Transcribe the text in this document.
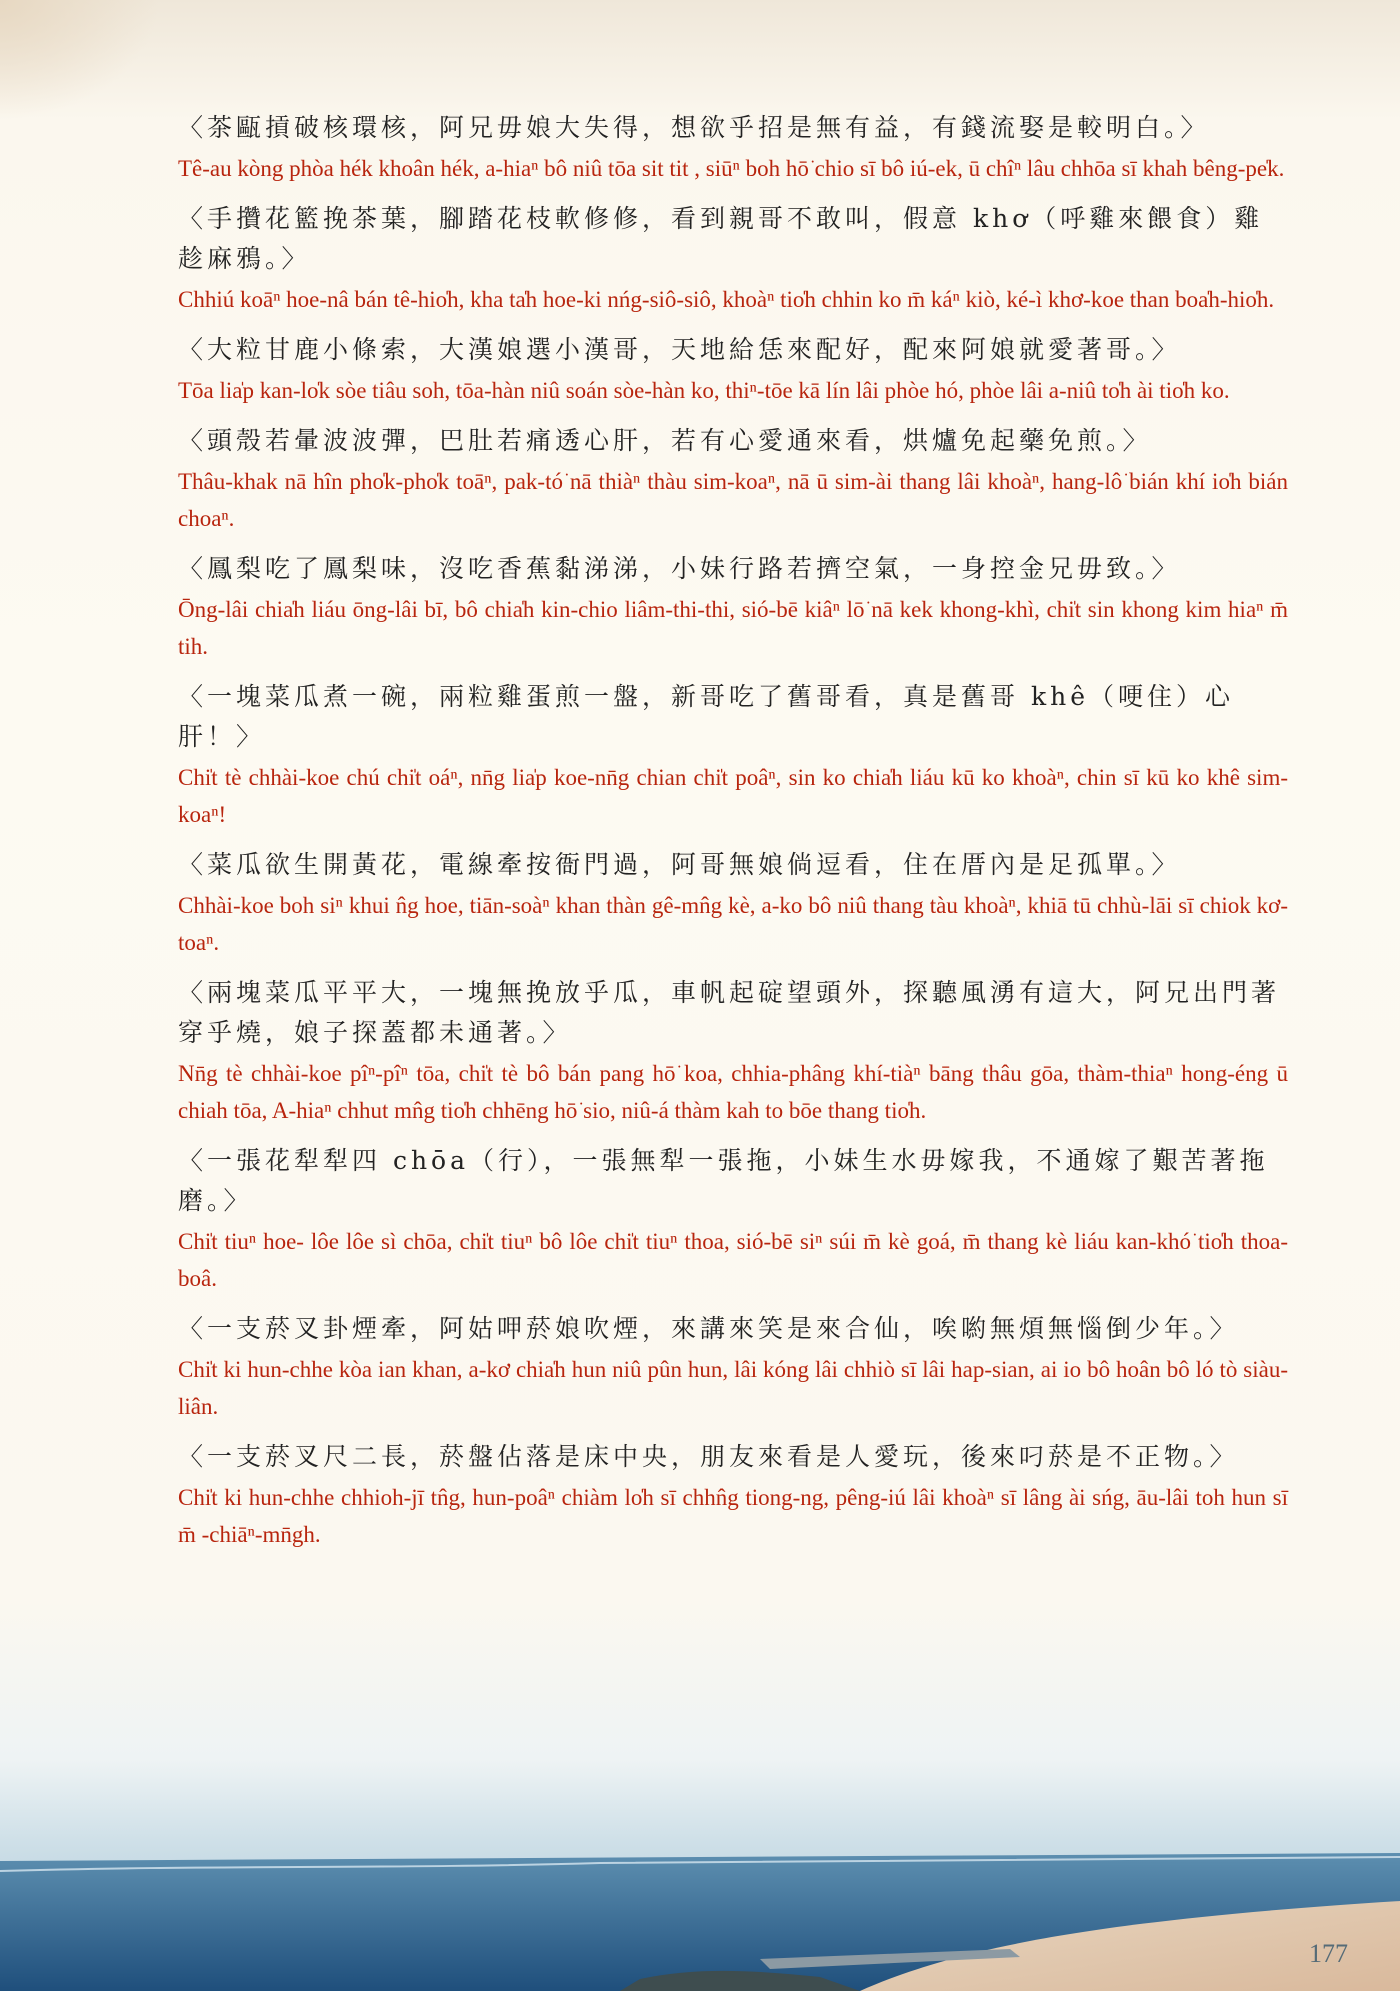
〈茶甌摃破核環核，阿兄毋娘大失得，想欲乎招是無有益，有錢流娶是較明白。〉

Tê-au kòng phòa hék khoân hék, a-hiaⁿ bô niû tōa sit tit , siūⁿ boh hō͘ chio sī bô iú-ek, ū chîⁿ lâu chhōa sī khah bêng-pe̍k.

〈手攢花籃挽茶葉，腳踏花枝軟修修，看到親哥不敢叫，假意 khơ（呼雞來餵食）雞趁麻鴉。〉

Chhiú koāⁿ hoe-nâ bán tê-hio̍h, kha ta̍h hoe-ki nńg-siô-siô, khoàⁿ tio̍h chhin ko m̄ káⁿ kiò, ké-ì khơ-koe than boa̍h-hio̍h.

〈大粒甘鹿小條索，大漢娘選小漢哥，天地給恁來配好，配來阿娘就愛著哥。〉

Tōa lia̍p kan-lo̍k sòe tiâu soh, tōa-hàn niû soán sòe-hàn ko, thiⁿ-tōe kā lín lâi phòe hó, phòe lâi a-niû to̍h ài tio̍h ko.

〈頭殼若暈波波彈，巴肚若痛透心肝，若有心愛通來看，烘爐免起藥免煎。〉

Thâu-khak nā hîn pho̍k-pho̍k toāⁿ, pak-tó͘ nā thiàⁿ thàu sim-koaⁿ, nā ū sim-ài thang lâi khoàⁿ, hang-lô͘ bián khí io̍h bián choaⁿ.

〈鳳梨吃了鳳梨味，沒吃香蕉黏涕涕，小妹行路若擠空氣，一身控金兄毋致。〉

Ōng-lâi chia̍h liáu ōng-lâi bī, bô chia̍h kin-chio liâm-thi-thi, sió-bē kiâⁿ lō͘ nā kek khong-khì, chi̍t sin khong kim hiaⁿ m̄ tih.

〈一塊菜瓜煮一碗，兩粒雞蛋煎一盤，新哥吃了舊哥看，真是舊哥 khê（哽住）心肝！〉

Chi̍t tè chhài-koe chú chi̍t oáⁿ, nn̄g lia̍p koe-nn̄g chian chi̍t poâⁿ, sin ko chia̍h liáu kū ko khoàⁿ, chin sī kū ko khê sim-koaⁿ!

〈菜瓜欲生開黃花，電線牽按衙門過，阿哥無娘倘逗看，住在厝內是足孤單。〉

Chhài-koe boh siⁿ khui n̂g hoe, tiān-soàⁿ khan thàn gê-mn̂g kè, a-ko bô niû thang tàu khoàⁿ, khiā tū chhù-lāi sī chiok kơ-toaⁿ.

〈兩塊菜瓜平平大，一塊無挽放乎瓜，車帆起碇望頭外，探聽風湧有這大，阿兄出門著穿乎燒，娘子探蓋都未通著。〉

Nn̄g tè chhài-koe pîⁿ-pîⁿ tōa, chi̍t tè bô bán pang hō͘ koa, chhia-phâng khí-tiàⁿ bāng thâu gōa, thàm-thiaⁿ hong-éng ū chiah tōa, A-hiaⁿ chhut mn̂g tio̍h chhēng hō͘ sio, niû-á thàm kah to bōe thang tio̍h.

〈一張花犁犁四 chōa（行），一張無犁一張拖，小妹生水毋嫁我，不通嫁了艱苦著拖磨。〉

Chi̍t tiuⁿ hoe- lôe lôe sì chōa, chi̍t tiuⁿ bô lôe chi̍t tiuⁿ thoa, sió-bē siⁿ súi m̄ kè goá, m̄ thang kè liáu kan-khó͘ tio̍h thoa-boâ.

〈一支菸叉卦煙牽，阿姑呷菸娘吹煙，來講來笑是來合仙，唉喲無煩無惱倒少年。〉

Chi̍t ki hun-chhe kòa ian khan, a-kơ chia̍h hun niû pûn hun, lâi kóng lâi chhiò sī lâi hap-sian, ai io bô hoân bô ló tò siàu-liân.

〈一支菸叉尺二長，菸盤佔落是床中央，朋友來看是人愛玩，後來叼菸是不正物。〉

Chi̍t ki hun-chhe chhioh-jī tn̂g, hun-poâⁿ chiàm lo̍h sī chhn̂g tiong-ng, pêng-iú lâi khoàⁿ sī lâng ài sńg, āu-lâi toh hun sī m̄ -chiāⁿ-mn̄gh.

177
